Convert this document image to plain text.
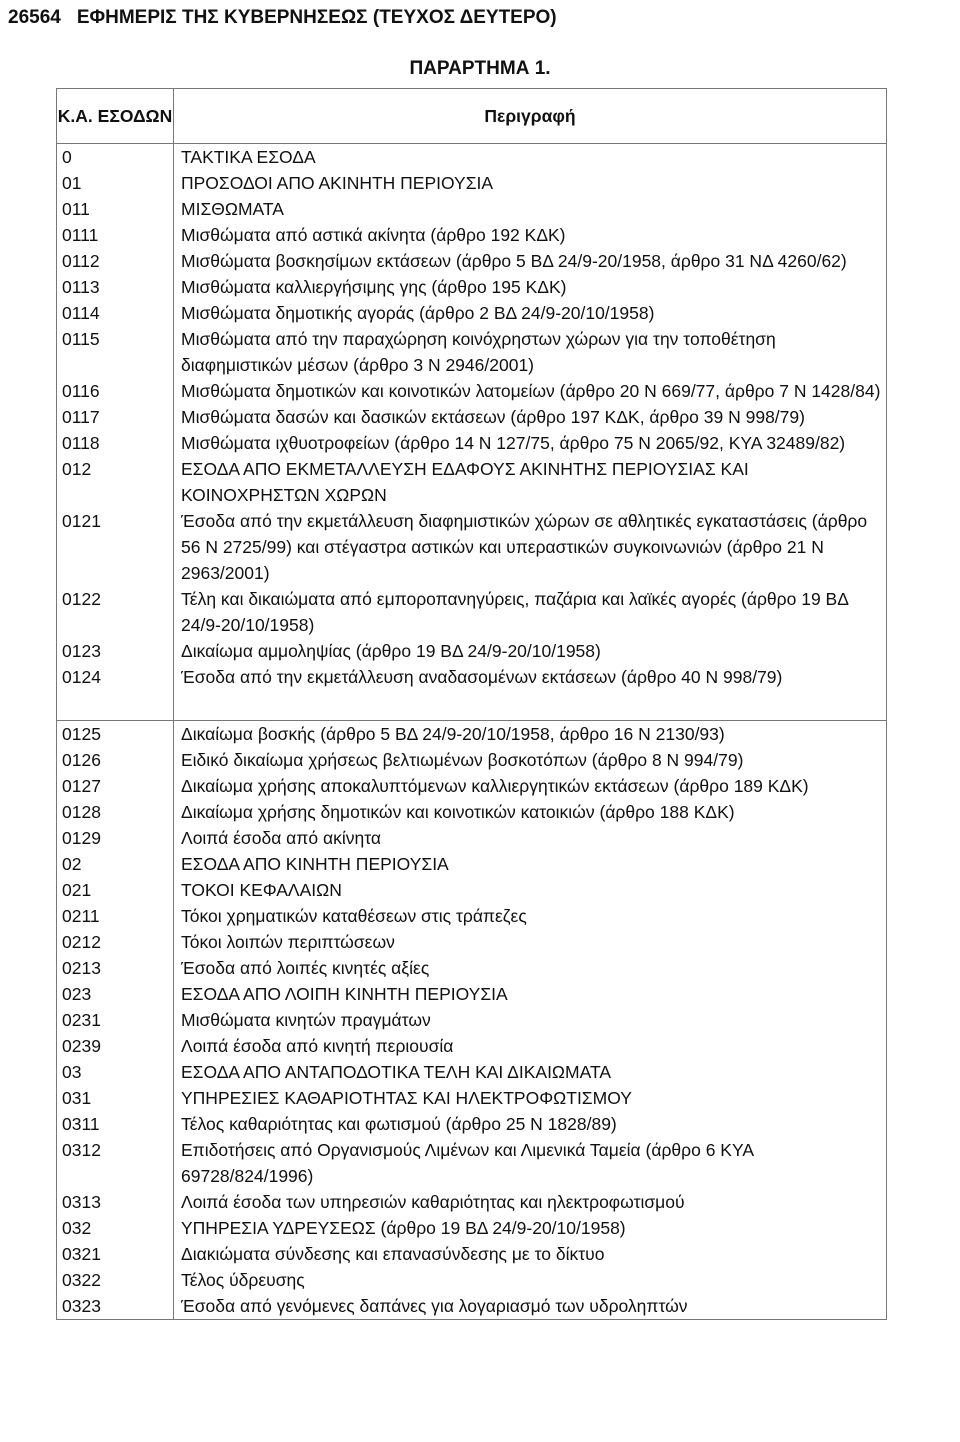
26564 ΕΦΗΜΕΡΙΣ ΤΗΣ ΚΥΒΕΡΝΗΣΕΩΣ (ΤΕΥΧΟΣ ΔΕΥΤΕΡΟ)
ΠΑΡΑΡΤΗΜΑ 1.
Κ.Α. ΕΣΟΔΩΝ	Περιγραφή
0	ΤΑΚΤΙΚΑ ΕΣΟΔΑ
01	ΠΡΟΣΟΔΟΙ ΑΠΟ ΑΚΙΝΗΤΗ ΠΕΡΙΟΥΣΙΑ
011	ΜΙΣΘΩΜΑΤΑ
0111	Μισθώματα από αστικά ακίνητα (άρθρο 192 ΚΔΚ)
0112	Μισθώματα βοσκησίμων εκτάσεων (άρθρο 5 ΒΔ 24/9-20/1958, άρθρο 31 ΝΔ 4260/62)
0113	Μισθώματα καλλιεργήσιμης γης (άρθρο 195 ΚΔΚ)
0114	Μισθώματα δημοτικής αγοράς (άρθρο 2 ΒΔ 24/9-20/10/1958)
0115	Μισθώματα από την παραχώρηση κοινόχρηστων χώρων για την τοποθέτηση διαφημιστικών μέσων (άρθρο 3 Ν 2946/2001)
0116	Μισθώματα δημοτικών και κοινοτικών λατομείων (άρθρο 20 Ν 669/77, άρθρο 7 Ν 1428/84)
0117	Μισθώματα δασών και δασικών εκτάσεων (άρθρο 197 ΚΔΚ, άρθρο 39 Ν 998/79)
0118	Μισθώματα ιχθυοτροφείων (άρθρο 14 Ν 127/75, άρθρο 75 Ν 2065/92, ΚΥΑ 32489/82)
012	ΕΣΟΔΑ ΑΠΟ ΕΚΜΕΤΑΛΛΕΥΣΗ ΕΔΑΦΟΥΣ ΑΚΙΝΗΤΗΣ ΠΕΡΙΟΥΣΙΑΣ ΚΑΙ ΚΟΙΝΟΧΡΗΣΤΩΝ ΧΩΡΩΝ
0121	Έσοδα από την εκμετάλλευση διαφημιστικών χώρων σε αθλητικές εγκαταστάσεις (άρθρο 56 Ν 2725/99) και στέγαστρα αστικών και υπεραστικών συγκοινωνιών (άρθρο 21 Ν 2963/2001)
0122	Τέλη και δικαιώματα από εμποροπανηγύρεις, παζάρια και λαϊκές αγορές (άρθρο 19 ΒΔ 24/9-20/10/1958)
0123	Δικαίωμα αμμοληψίας (άρθρο 19 ΒΔ 24/9-20/10/1958)
0124	Έσοδα από την εκμετάλλευση αναδασομένων εκτάσεων (άρθρο 40 Ν 998/79)

0125	Δικαίωμα βοσκής (άρθρο 5 ΒΔ 24/9-20/10/1958, άρθρο 16 Ν 2130/93)
0126	Ειδικό δικαίωμα χρήσεως βελτιωμένων βοσκοτόπων (άρθρο 8 Ν 994/79)
0127	Δικαίωμα χρήσης αποκαλυπτόμενων καλλιεργητικών εκτάσεων (άρθρο 189 ΚΔΚ)
0128	Δικαίωμα χρήσης δημοτικών και κοινοτικών κατοικιών (άρθρο 188 ΚΔΚ)
0129	Λοιπά έσοδα από ακίνητα
02	ΕΣΟΔΑ ΑΠΟ ΚΙΝΗΤΗ ΠΕΡΙΟΥΣΙΑ
021	ΤΟΚΟΙ ΚΕΦΑΛΑΙΩΝ
0211	Τόκοι χρηματικών καταθέσεων στις τράπεζες
0212	Τόκοι λοιπών περιπτώσεων
0213	Έσοδα από λοιπές κινητές αξίες
023	ΕΣΟΔΑ ΑΠΟ ΛΟΙΠΗ ΚΙΝΗΤΗ ΠΕΡΙΟΥΣΙΑ
0231	Μισθώματα κινητών πραγμάτων
0239	Λοιπά έσοδα από κινητή περιουσία
03	ΕΣΟΔΑ ΑΠΟ ΑΝΤΑΠΟΔΟΤΙΚΑ ΤΕΛΗ ΚΑΙ ΔΙΚΑΙΩΜΑΤΑ
031	ΥΠΗΡΕΣΙΕΣ ΚΑΘΑΡΙΟΤΗΤΑΣ ΚΑΙ ΗΛΕΚΤΡΟΦΩΤΙΣΜΟΥ
0311	Τέλος καθαριότητας και φωτισμού (άρθρο 25 Ν 1828/89)
0312	Επιδοτήσεις από Οργανισμούς Λιμένων και Λιμενικά Ταμεία (άρθρο 6 ΚΥΑ 69728/824/1996)
0313	Λοιπά έσοδα των υπηρεσιών καθαριότητας και ηλεκτροφωτισμού
032	ΥΠΗΡΕΣΙΑ ΥΔΡΕΥΣΕΩΣ (άρθρο 19 ΒΔ 24/9-20/10/1958)
0321	Διακιώματα σύνδεσης και επανασύνδεσης με το δίκτυο
0322	Τέλος ύδρευσης
0323	Έσοδα από γενόμενες δαπάνες για λογαριασμό των υδροληπτών
